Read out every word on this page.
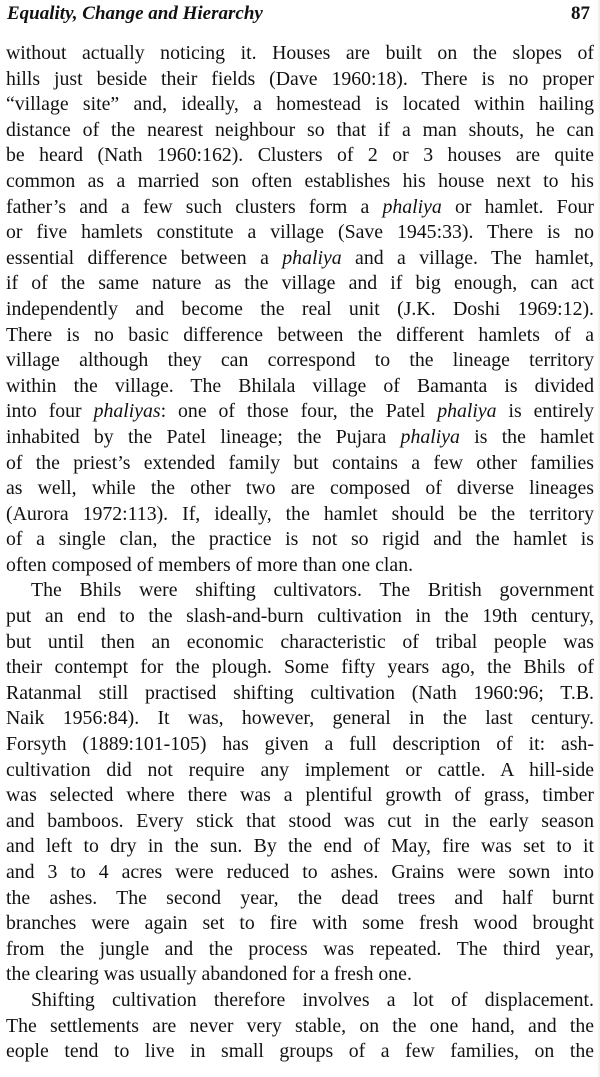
Equality, Change and Hierarchy	87

without actually noticing it. Houses are built on the slopes of
hills just beside their fields (Dave 1960:18). There is no proper
“village site” and, ideally, a homestead is located within hailing
distance of the nearest neighbour so that if a man shouts, he can
be heard (Nath 1960:162). Clusters of 2 or 3 houses are quite
common as a married son often establishes his house next to his
father’s and a few such clusters form a phaliya or hamlet. Four
or five hamlets constitute a village (Save 1945:33). There is no
essential difference between a phaliya and a village. The hamlet,
if of the same nature as the village and if big enough, can act
independently and become the real unit (J.K. Doshi 1969:12).
There is no basic difference between the different hamlets of a
village although they can correspond to the lineage territory
within the village. The Bhilala village of Bamanta is divided
into four phaliyas: one of those four, the Patel phaliya is entirely
inhabited by the Patel lineage; the Pujara phaliya is the hamlet
of the priest’s extended family but contains a few other families
as well, while the other two are composed of diverse lineages
(Aurora 1972:113). If, ideally, the hamlet should be the territory
of a single clan, the practice is not so rigid and the hamlet is
often composed of members of more than one clan.

The Bhils were shifting cultivators. The British government
put an end to the slash-and-burn cultivation in the 19th century,
but until then an economic characteristic of tribal people was
their contempt for the plough. Some fifty years ago, the Bhils of
Ratanmal still practised shifting cultivation (Nath 1960:96; T.B.
Naik 1956:84). It was, however, general in the last century.
Forsyth (1889:101-105) has given a full description of it: ash-
cultivation did not require any implement or cattle. A hill-side
was selected where there was a plentiful growth of grass, timber
and bamboos. Every stick that stood was cut in the early season
and left to dry in the sun. By the end of May, fire was set to it
and 3 to 4 acres were reduced to ashes. Grains were sown into
the ashes. The second year, the dead trees and half burnt
branches were again set to fire with some fresh wood brought
from the jungle and the process was repeated. The third year,
the clearing was usually abandoned for a fresh one.

Shifting cultivation therefore involves a lot of displacement.
The settlements are never very stable, on the one hand, and the
eople tend to live in small groups of a few families, on the
